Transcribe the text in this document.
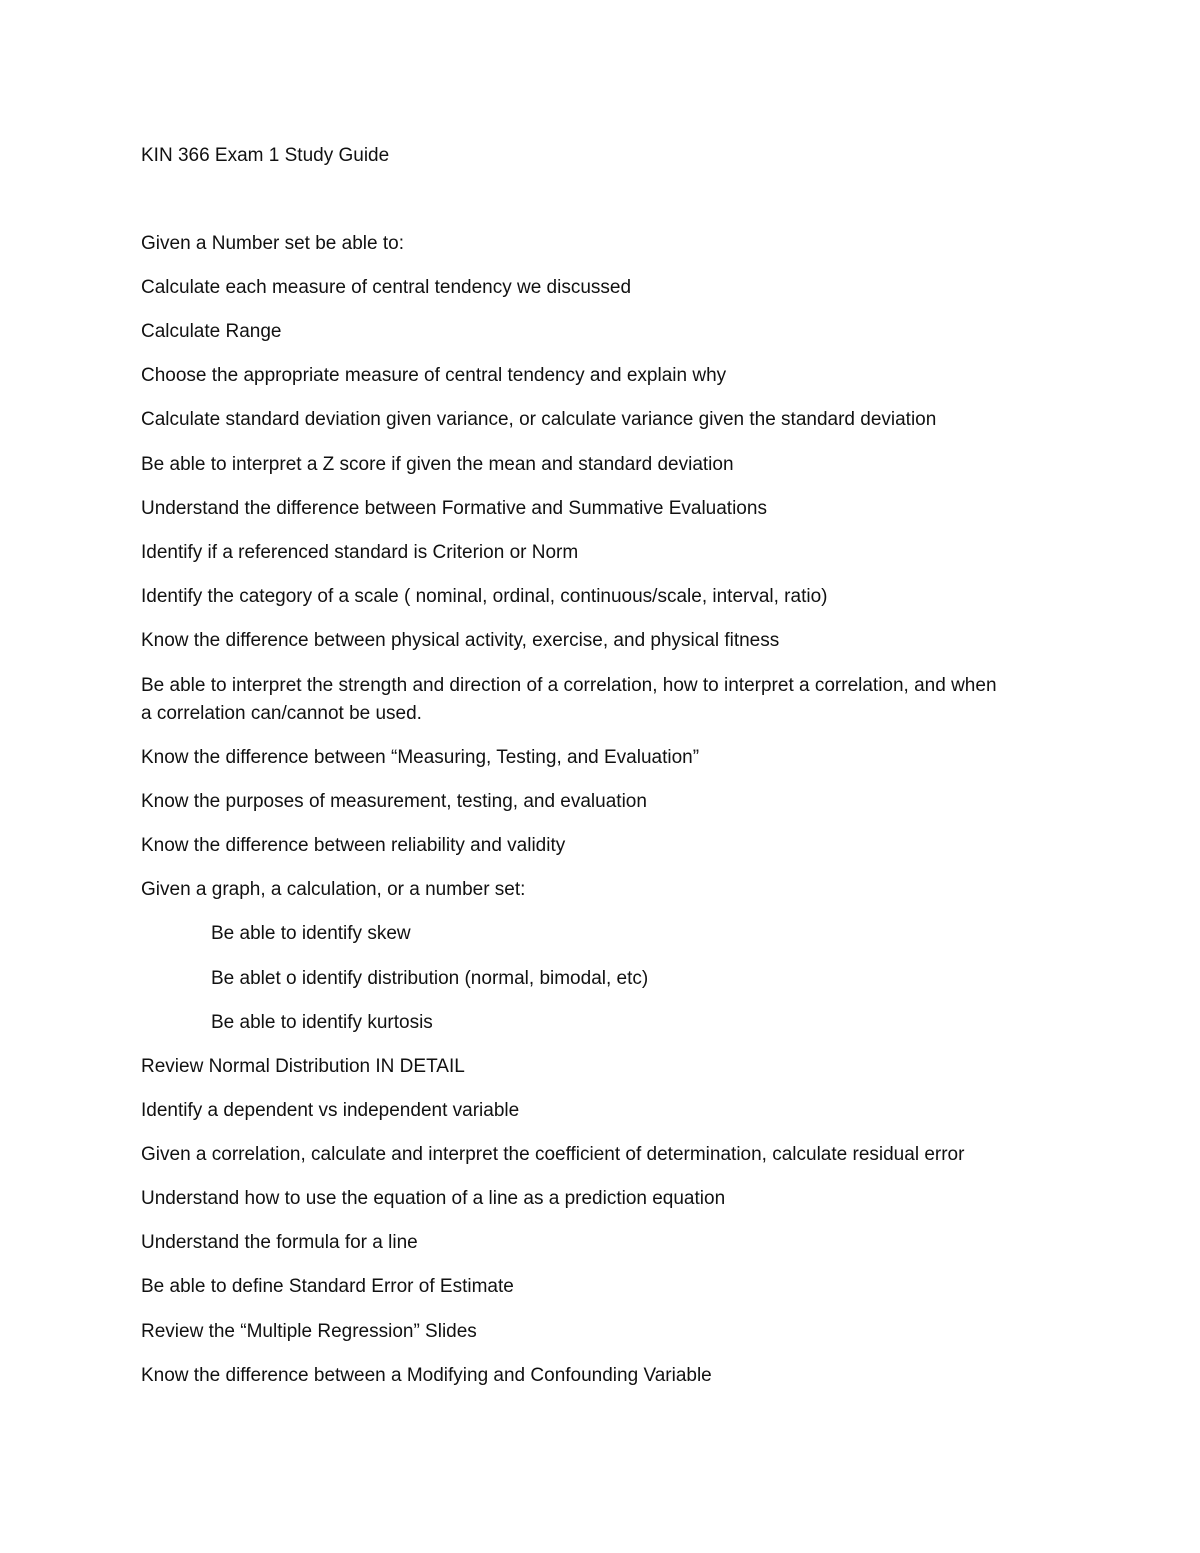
KIN 366 Exam 1 Study Guide

Given a Number set be able to:

Calculate each measure of central tendency we discussed

Calculate Range

Choose the appropriate measure of central tendency and explain why

Calculate standard deviation given variance, or calculate variance given the standard deviation

Be able to interpret a Z score if given the mean and standard deviation

Understand the difference between Formative and Summative Evaluations

Identify if a referenced standard is Criterion or Norm

Identify the category of a scale ( nominal, ordinal, continuous/scale, interval, ratio)

Know the difference between physical activity, exercise, and physical fitness

Be able to interpret the strength and direction of a correlation, how to interpret a correlation, and when

a correlation can/cannot be used.

Know the difference between “Measuring, Testing, and Evaluation”

Know the purposes of measurement, testing, and evaluation

Know the difference between reliability and validity

Given a graph, a calculation, or a number set:

Be able to identify skew

Be ablet o identify distribution (normal, bimodal, etc)

Be able to identify kurtosis

Review Normal Distribution IN DETAIL

Identify a dependent vs independent variable

Given a correlation, calculate and interpret the coefficient of determination, calculate residual error

Understand how to use the equation of a line as a prediction equation

Understand the formula for a line

Be able to define Standard Error of Estimate

Review the “Multiple Regression” Slides

Know the difference between a Modifying and Confounding Variable
